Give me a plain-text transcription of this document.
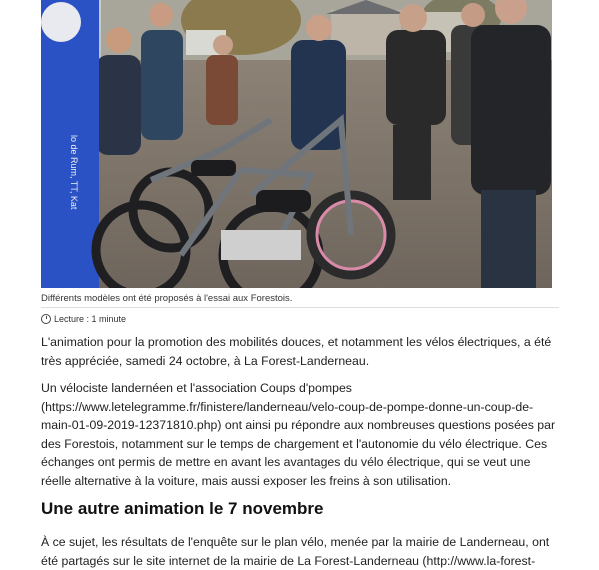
lo de Rum, TT, Kat
Différents modèles ont été proposés à l'essai aux Forestois.
Lecture : 1 minute
L'animation pour la promotion des mobilités douces, et notamment les vélos électriques, a été très appréciée, samedi 24 octobre, à La Forest-Landerneau.
Un vélociste landernéen et l'association Coups d'pompes (https://www.letelegramme.fr/finistere/landerneau/velo-coup-de-pompe-donne-un-coup-de-main-01-09-2019-12371810.php) ont ainsi pu répondre aux nombreuses questions posées par des Forestois, notamment sur le temps de chargement et l'autonomie du vélo électrique. Ces échanges ont permis de mettre en avant les avantages du vélo électrique, qui se veut une réelle alternative à la voiture, mais aussi exposer les freins à son utilisation.
Une autre animation le 7 novembre
À ce sujet, les résultats de l'enquête sur le plan vélo, menée par la mairie de Landerneau, ont été partagés sur le site internet de la mairie de La Forest-Landerneau (http://www.la-forest-
